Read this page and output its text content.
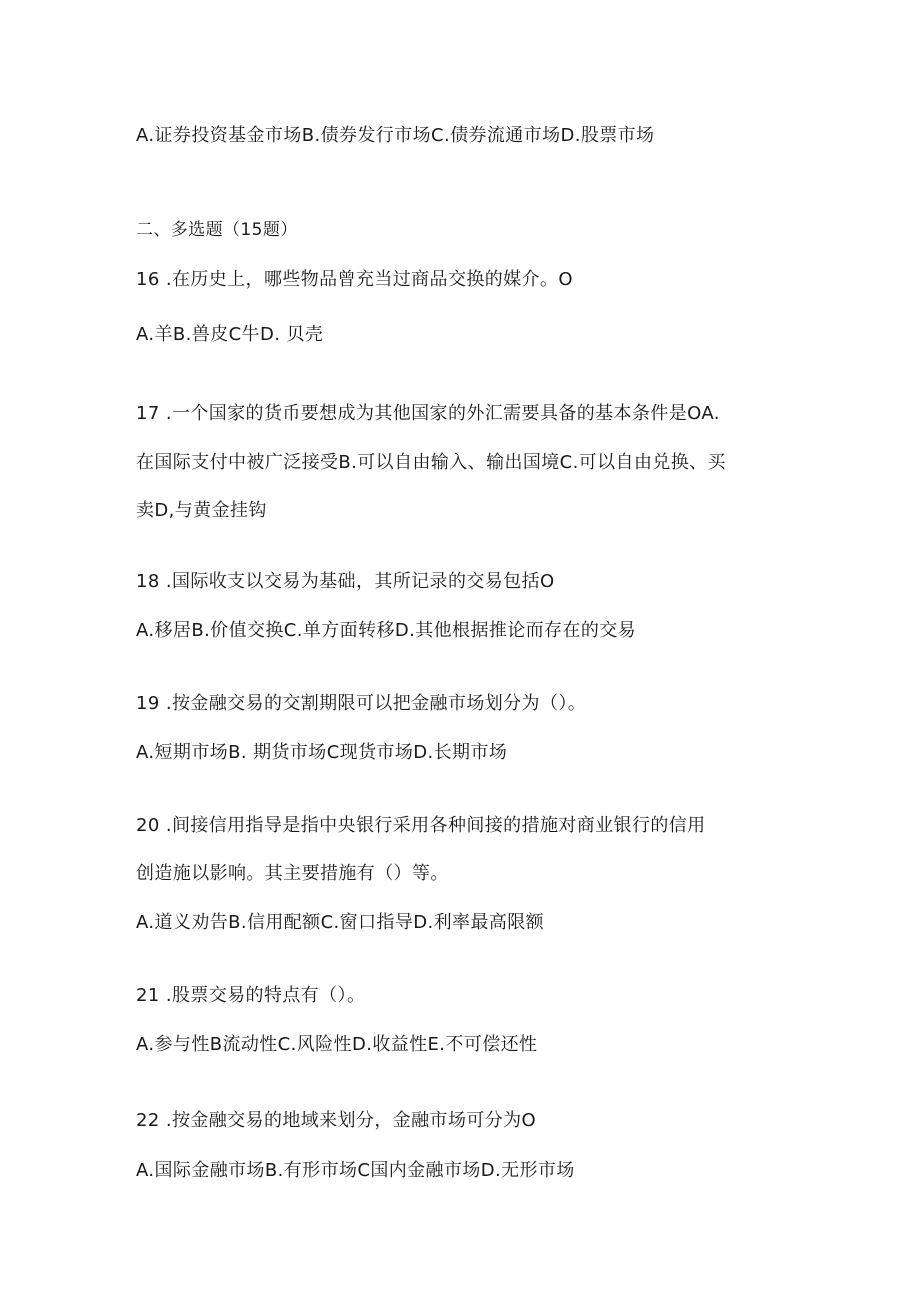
A.证券投资基金市场B.债券发行市场C.债券流通市场D.股票市场
二、多选题（15题）
16 .在历史上，哪些物品曾充当过商品交换的媒介。O
A.羊B.兽皮C牛D. 贝壳
17 .一个国家的货币要想成为其他国家的外汇需要具备的基本条件是OA.
在国际支付中被广泛接受B.可以自由输入、输出国境C.可以自由兑换、买
卖D,与黄金挂钩
18 .国际收支以交易为基础，其所记录的交易包括O
A.移居B.价值交换C.单方面转移D.其他根据推论而存在的交易
19 .按金融交易的交割期限可以把金融市场划分为（）。
A.短期市场B. 期货市场C现货市场D.长期市场
20 .间接信用指导是指中央银行采用各种间接的措施对商业银行的信用
创造施以影响。其主要措施有（）等。
A.道义劝告B.信用配额C.窗口指导D.利率最高限额
21 .股票交易的特点有（）。
A.参与性B流动性C.风险性D.收益性E.不可偿还性
22 .按金融交易的地域来划分，金融市场可分为O
A.国际金融市场B.有形市场C国内金融市场D.无形市场
